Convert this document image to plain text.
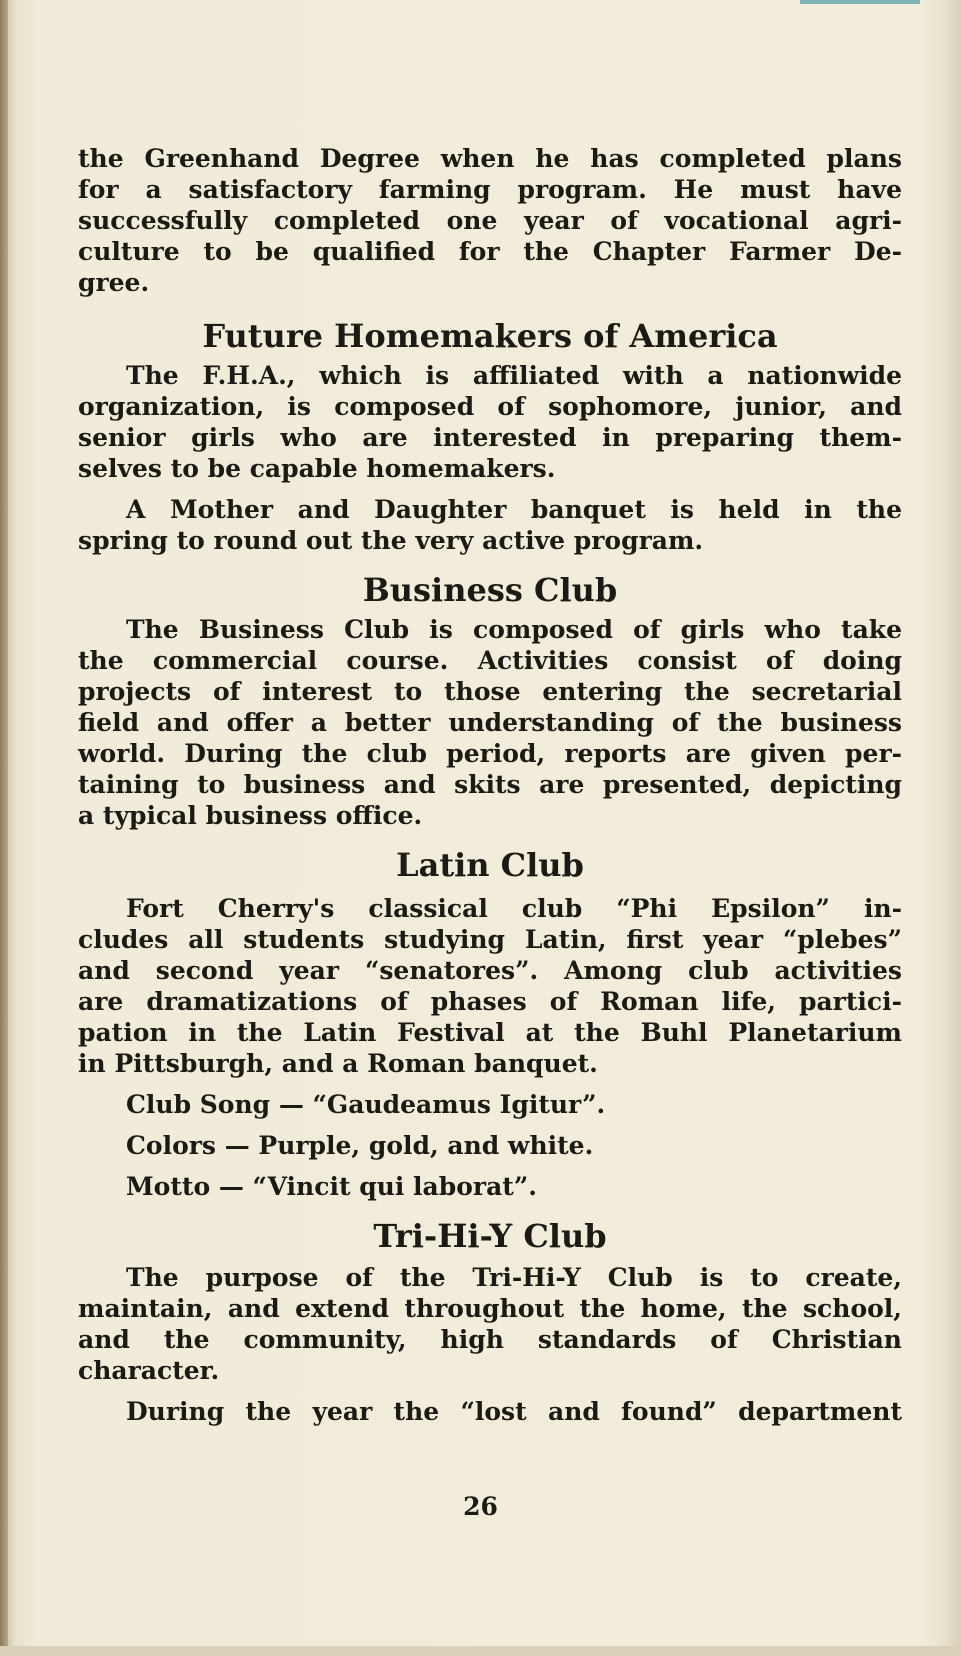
the Greenhand Degree when he has completed plans

for a satisfactory farming program. He must have

successfully completed one year of vocational agri-

culture to be qualified for the Chapter Farmer De-

gree.

Future Homemakers of America

The F.H.A., which is affiliated with a nationwide

organization, is composed of sophomore, junior, and

senior girls who are interested in preparing them-

selves to be capable homemakers.

A Mother and Daughter banquet is held in the

spring to round out the very active program.

Business Club

The Business Club is composed of girls who take

the commercial course. Activities consist of doing

projects of interest to those entering the secretarial

field and offer a better understanding of the business

world. During the club period, reports are given per-

taining to business and skits are presented, depicting

a typical business office.

Latin Club

Fort Cherry's classical club “Phi Epsilon” in-

cludes all students studying Latin, first year “plebes”

and second year “senatores”. Among club activities

are dramatizations of phases of Roman life, partici-

pation in the Latin Festival at the Buhl Planetarium

in Pittsburgh, and a Roman banquet.

Club Song — “Gaudeamus Igitur”.

Colors — Purple, gold, and white.

Motto — “Vincit qui laborat”.

Tri-Hi-Y Club

The purpose of the Tri-Hi-Y Club is to create,

maintain, and extend throughout the home, the school,

and the community, high standards of Christian

character.

During the year the “lost and found” department

26
